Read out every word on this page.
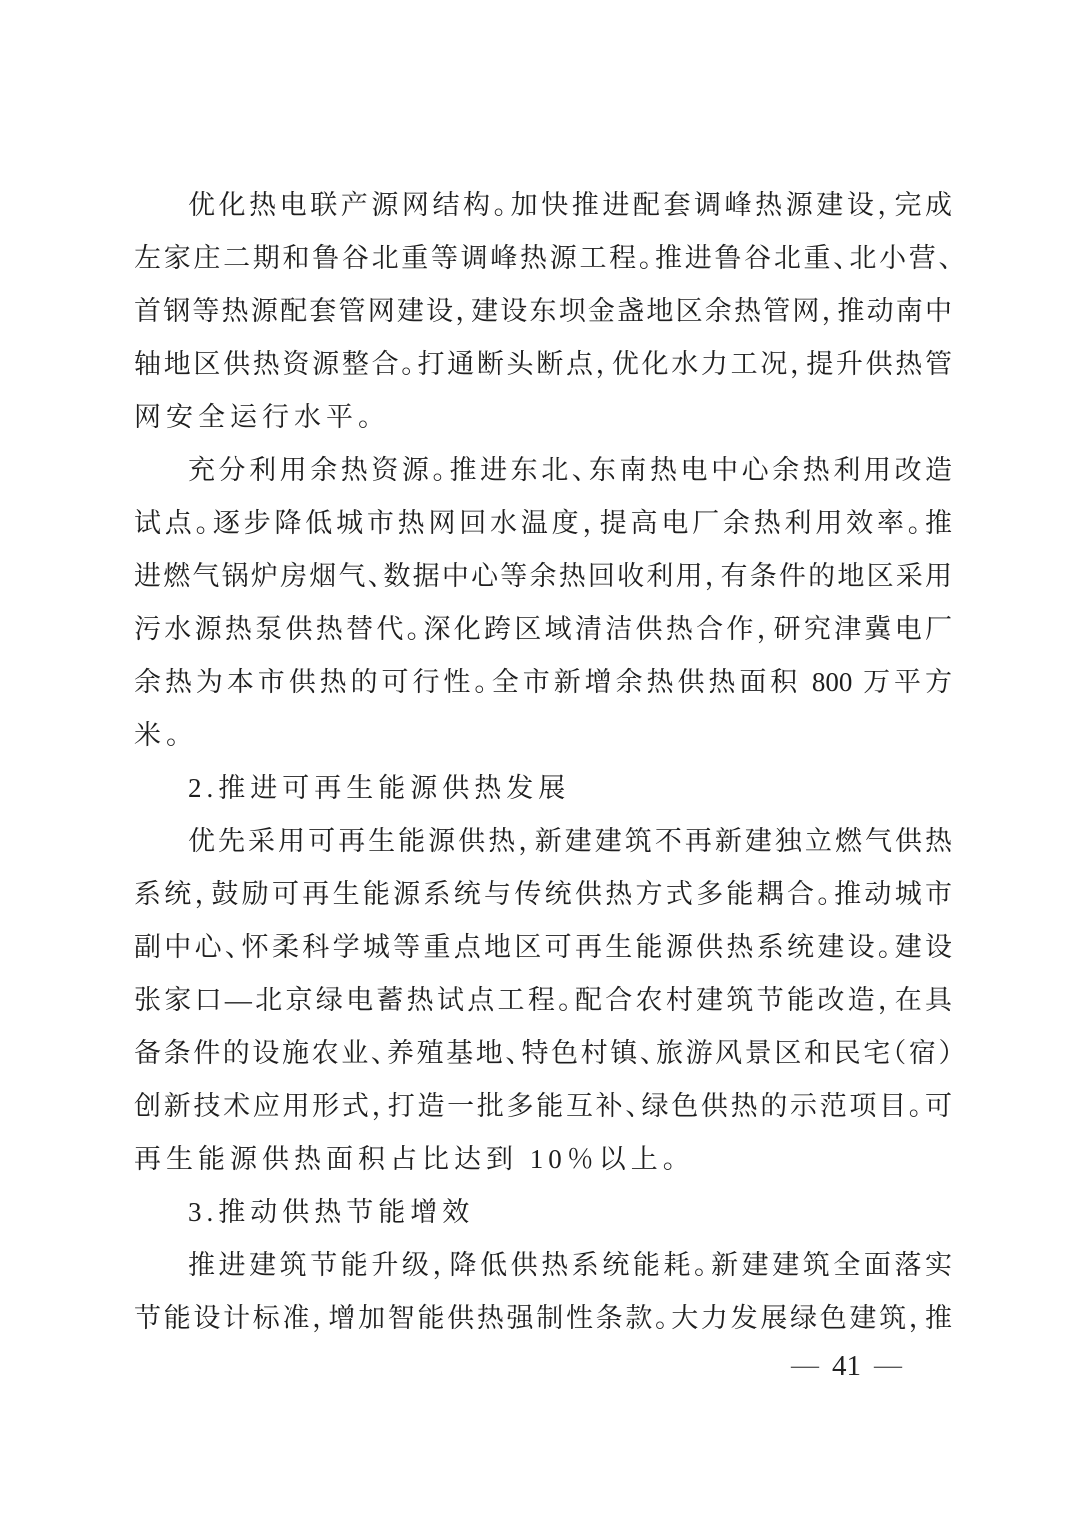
优化热电联产源网结构。加快推进配套调峰热源建设，完成
左家庄二期和鲁谷北重等调峰热源工程。推进鲁谷北重、北小营、
首钢等热源配套管网建设，建设东坝金盏地区余热管网，推动南中
轴地区供热资源整合。打通断头断点，优化水力工况，提升供热管
网安全运行水平。
充分利用余热资源。推进东北、东南热电中心余热利用改造
试点。逐步降低城市热网回水温度，提高电厂余热利用效率。推
进燃气锅炉房烟气、数据中心等余热回收利用，有条件的地区采用
污水源热泵供热替代。深化跨区域清洁供热合作，研究津冀电厂
余热为本市供热的可行性。全市新增余热供热面积 800 万平方
米。
2.推进可再生能源供热发展
优先采用可再生能源供热，新建建筑不再新建独立燃气供热
系统，鼓励可再生能源系统与传统供热方式多能耦合。推动城市
副中心、怀柔科学城等重点地区可再生能源供热系统建设。建设
张家口—北京绿电蓄热试点工程。配合农村建筑节能改造，在具
备条件的设施农业、养殖基地、特色村镇、旅游风景区和民宅（宿）
创新技术应用形式，打造一批多能互补、绿色供热的示范项目。可
再生能源供热面积占比达到 10％以上。
3.推动供热节能增效
推进建筑节能升级，降低供热系统能耗。新建建筑全面落实
节能设计标准，增加智能供热强制性条款。大力发展绿色建筑，推
— 41 —
